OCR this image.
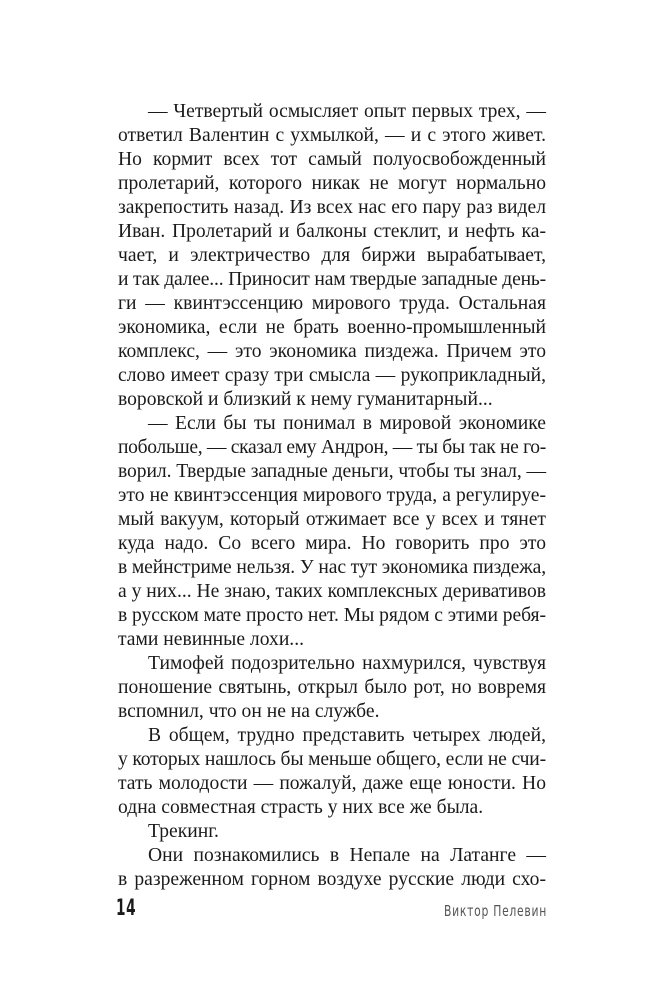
— Четвертый осмысляет опыт первых трех, —
ответил Валентин с ухмылкой, — и с этого живет.
Но кормит всех тот самый полуосвобожденный
пролетарий, которого никак не могут нормально
закрепостить назад. Из всех нас его пару раз видел
Иван. Пролетарий и балконы стеклит, и нефть ка-
чает, и электричество для биржи вырабатывает,
и так далее... Приносит нам твердые западные день-
ги — квинтэссенцию мирового труда. Остальная
экономика, если не брать военно-промышленный
комплекс, — это экономика пиздежа. Причем это
слово имеет сразу три смысла — рукоприкладный,
воровской и близкий к нему гуманитарный...
— Если бы ты понимал в мировой экономике
побольше, — сказал ему Андрон, — ты бы так не го-
ворил. Твердые западные деньги, чтобы ты знал, —
это не квинтэссенция мирового труда, а регулируе-
мый вакуум, который отжимает все у всех и тянет
куда надо. Со всего мира. Но говорить про это
в мейнстриме нельзя. У нас тут экономика пиздежа,
а у них... Не знаю, таких комплексных деривативов
в русском мате просто нет. Мы рядом с этими ребя-
тами невинные лохи...
Тимофей подозрительно нахмурился, чувствуя
поношение святынь, открыл было рот, но вовремя
вспомнил, что он не на службе.
В общем, трудно представить четырех людей,
у которых нашлось бы меньше общего, если не счи-
тать молодости — пожалуй, даже еще юности. Но
одна совместная страсть у них все же была.
Трекинг.
Они познакомились в Непале на Латанге —
в разреженном горном воздухе русские люди схо-
14	Виктор Пелевин
